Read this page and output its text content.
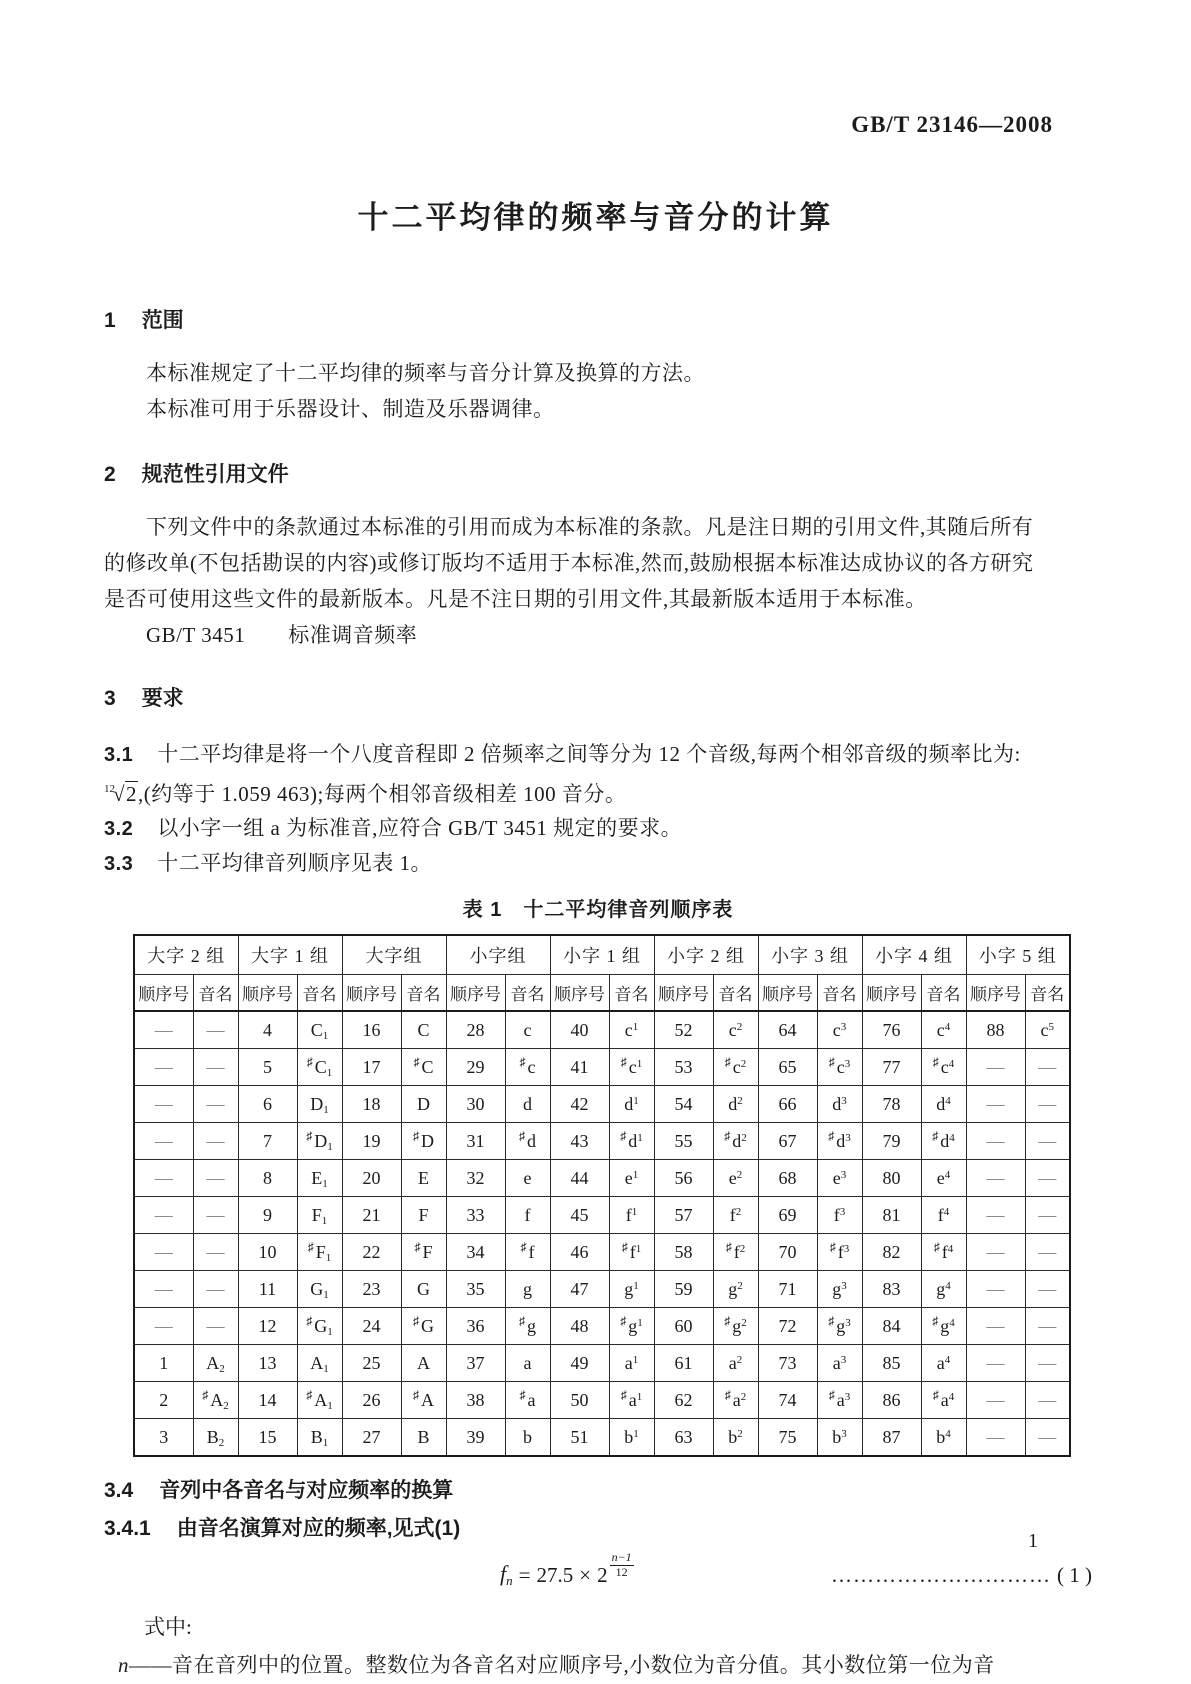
GB/T 23146—2008
十二平均律的频率与音分的计算
1 范围
本标准规定了十二平均律的频率与音分计算及换算的方法。
本标准可用于乐器设计、制造及乐器调律。
2 规范性引用文件
下列文件中的条款通过本标准的引用而成为本标准的条款。凡是注日期的引用文件,其随后所有
的修改单(不包括勘误的内容)或修订版均不适用于本标准,然而,鼓励根据本标准达成协议的各方研究
是否可使用这些文件的最新版本。凡是不注日期的引用文件,其最新版本适用于本标准。
GB/T 3451　　标准调音频率
3 要求
3.1 十二平均律是将一个八度音程即 2 倍频率之间等分为 12 个音级,每两个相邻音级的频率比为:
$^{12}$√2,(约等于 1.059 463);每两个相邻音级相差 100 音分。
3.2 以小字一组 a 为标准音,应符合 GB/T 3451 规定的要求。
3.3 十二平均律音列顺序见表 1。
表 1　十二平均律音列顺序表
大字 2 组		大字 1 组		大字组		小字组		小字 1 组		小字 2 组		小字 3 组		小字 4 组		小字 5 组	
顺序号	音名	顺序号	音名	顺序号	音名	顺序号	音名	顺序号	音名	顺序号	音名	顺序号	音名	顺序号	音名	顺序号	音名
—	—	4	$C_1$	16	C	28	c	40	$c^1$	52	$c^2$	64	$c^3$	76	$c^4$	88	$c^5$
—	—	5	♯ $C_1$	17	♯ C	29	♯ c	41	♯ $c^1$	53	♯ $c^2$	65	♯ $c^3$	77	♯ $c^4$	—	—
—	—	6	$D_1$	18	D	30	d	42	$d^1$	54	$d^2$	66	$d^3$	78	$d^4$	—	—
—	—	7	♯ $D_1$	19	♯ D	31	♯ d	43	♯ $d^1$	55	♯ $d^2$	67	♯ $d^3$	79	♯ $d^4$	—	—
—	—	8	$E_1$	20	E	32	e	44	$e^1$	56	$e^2$	68	$e^3$	80	$e^4$	—	—
—	—	9	$F_1$	21	F	33	f	45	$f^1$	57	$f^2$	69	$f^3$	81	$f^4$	—	—
—	—	10	♯ $F_1$	22	♯ F	34	♯ f	46	♯ $f^1$	58	♯ $f^2$	70	♯ $f^3$	82	♯ $f^4$	—	—
—	—	11	$G_1$	23	G	35	g	47	$g^1$	59	$g^2$	71	$g^3$	83	$g^4$	—	—
—	—	12	♯ $G_1$	24	♯ G	36	♯ g	48	♯ $g^1$	60	♯ $g^2$	72	♯ $g^3$	84	♯ $g^4$	—	—
1	$A_2$	13	$A_1$	25	A	37	a	49	$a^1$	61	$a^2$	73	$a^3$	85	$a^4$	—	—
2	♯ $A_2$	14	♯ $A_1$	26	♯ A	38	♯ a	50	♯ $a^1$	62	♯ $a^2$	74	♯ $a^3$	86	♯ $a^4$	—	—
3	$B_2$	15	$B_1$	27	B	39	b	51	$b^1$	63	$b^2$	75	$b^3$	87	$b^4$	—	—
3.4 音列中各音名与对应频率的换算
3.4.1 由音名演算对应的频率,见式(1)
fn = $27.5 \times 2 \frac{n-1}{12}$	………………………… ( 1 )
式中:
n——音在音列中的位置。整数位为各音名对应顺序号,小数位为音分值。其小数位第一位为音
1
